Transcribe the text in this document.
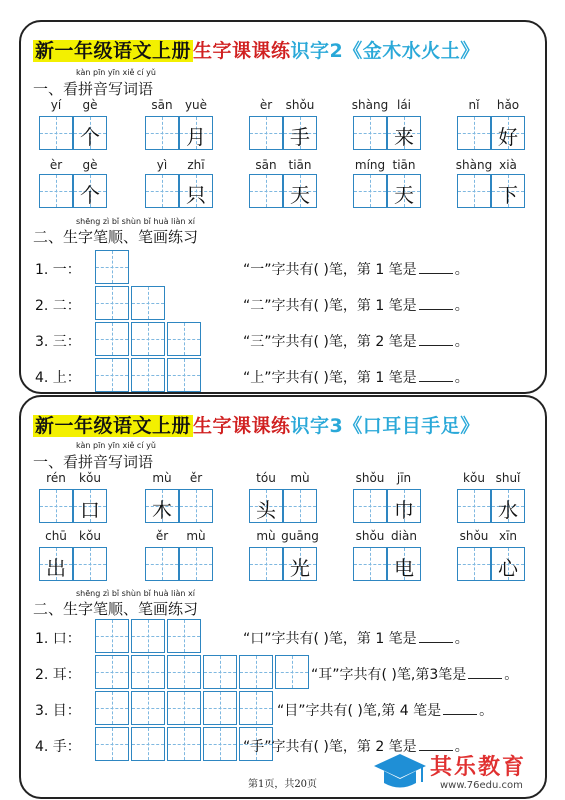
新一年级语文上册 生字课课练识字2《金木水火土》
kàn pīn yīn xiě cí yǔ
一、看拼音写词语
yí	gè
个
sān	yuè
月
èr	shǒu
手
shàng lái
来
nǐ	hǎo
好
èr	gè
个
yì	zhī
只
sān tiān
天
míng tiān
天
shàng xià
下
shēng zì bǐ shùn bǐ huà liàn xí
二、生字笔顺、笔画练习
1. 一：	“一”字共有( )笔，第 1 笔是	。
2. 二：	“二”字共有( )笔，第 1 笔是	。
3. 三：	“三”字共有( )笔，第 2 笔是	。
4. 上：	“上”字共有( )笔，第 1 笔是	。
新一年级语文上册 生字课课练识字3《口耳目手足》
kàn pīn yīn xiě cí yǔ
一、看拼音写词语
rén	kǒu
口
mù	ěr
木
tóu	mù
头
shǒu	jīn
巾
kǒu shuǐ
水
chū	kǒu
出
ěr	mù	mù guāng
光
shǒu diàn
电
shǒu xīn
心
shēng zì bǐ shùn bǐ huà liàn xí
二、生字笔顺、笔画练习
1. 口：	“口”字共有( )笔，第 1 笔是	。
2. 耳：	“耳”字共有( )笔,第3笔是	。
3. 目：	“目”字共有( )笔,第 4 笔是	。
4. 手：	“手”字共有( )笔，第 2 笔是	。
第1页，共20页
其乐教育
www.76edu.com
